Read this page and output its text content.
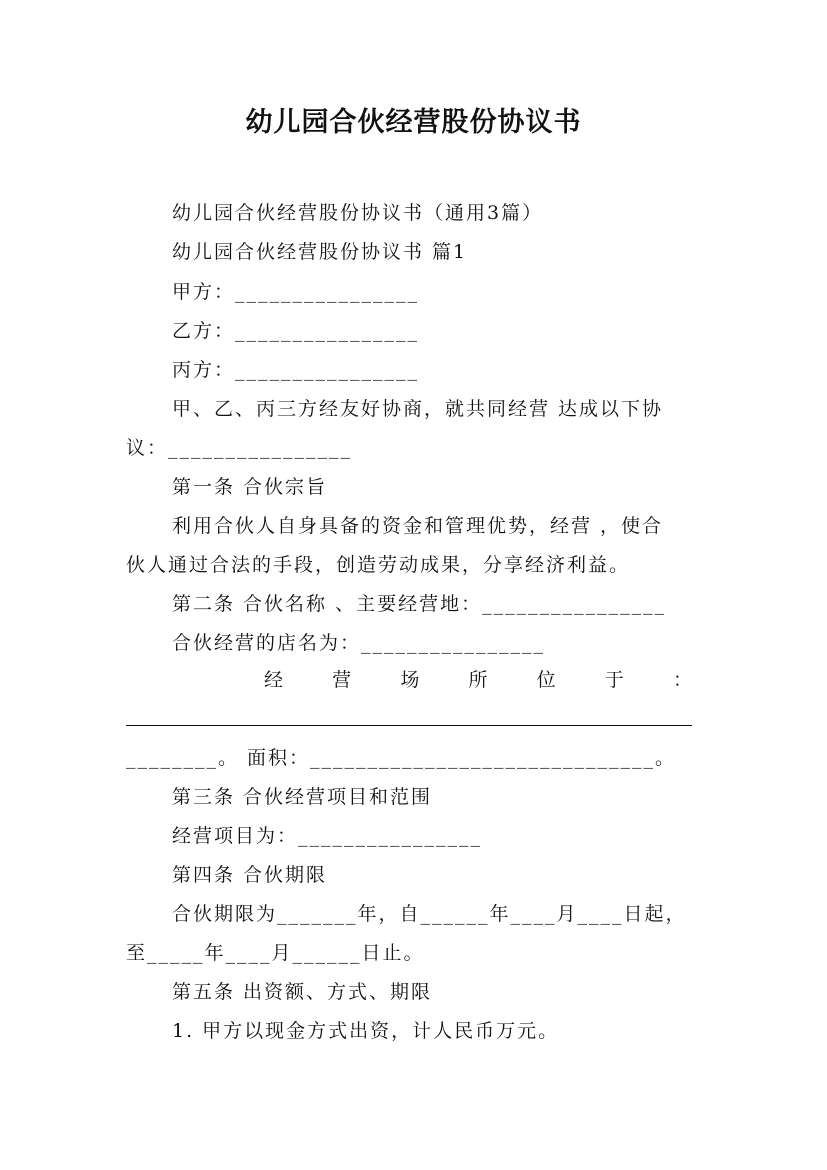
幼儿园合伙经营股份协议书
幼儿园合伙经营股份协议书（通用3篇）
幼儿园合伙经营股份协议书 篇1
甲方：________________
乙方：________________
丙方：________________
甲、乙、丙三方经友好协商，就共同经营 达成以下协
议：________________
第一条 合伙宗旨
利用合伙人自身具备的资金和管理优势，经营 ，使合
伙人通过合法的手段，创造劳动成果，分享经济利益。
第二条 合伙名称 、主要经营地：________________
合伙经营的店名为：________________
经 营 场 所 位 于 ：
________。 面积：______________________________。
第三条 合伙经营项目和范围
经营项目为：________________
第四条 合伙期限
合伙期限为_______年，自______年____月____日起，
至_____年____月______日止。
第五条 出资额、方式、期限
1. 甲方以现金方式出资，计人民币万元。
